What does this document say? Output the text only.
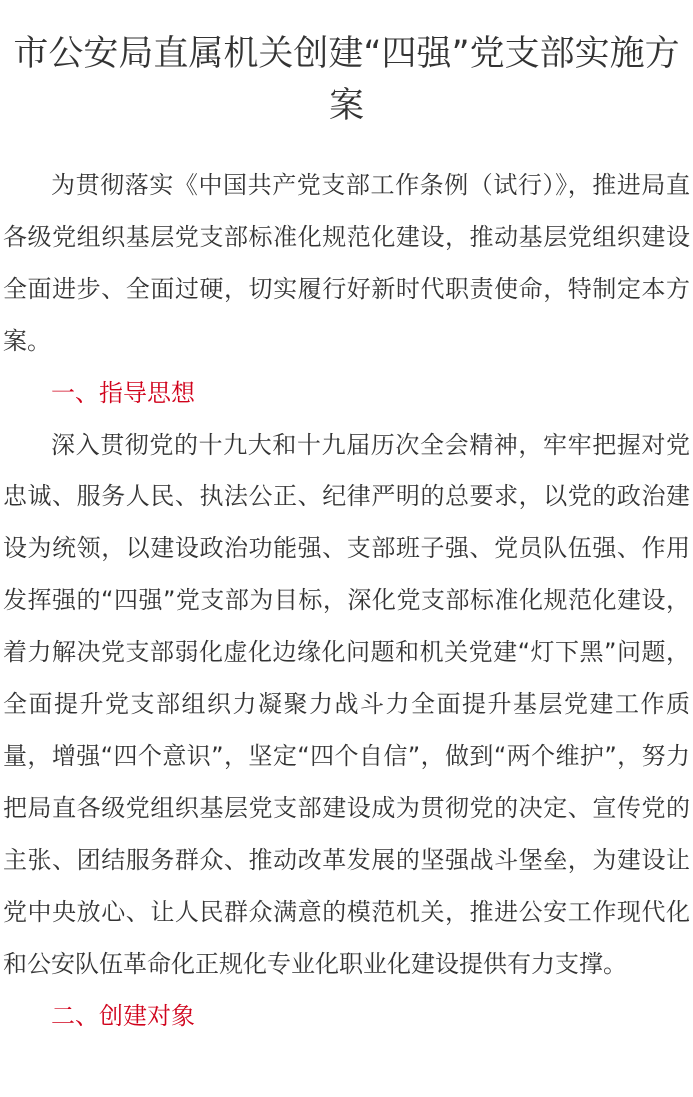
市公安局直属机关创建“四强”党支部实施方案

为贯彻落实《中国共产党支部工作条例（试行）》，推进局直各级党组织基层党支部标准化规范化建设，推动基层党组织建设全面进步、全面过硬，切实履行好新时代职责使命，特制定本方案。

一、指导思想

深入贯彻党的十九大和十九届历次全会精神，牢牢把握对党忠诚、服务人民、执法公正、纪律严明的总要求，以党的政治建设为统领，以建设政治功能强、支部班子强、党员队伍强、作用发挥强的“四强”党支部为目标，深化党支部标准化规范化建设，着力解决党支部弱化虚化边缘化问题和机关党建“灯下黑”问题，全面提升党支部组织力凝聚力战斗力全面提升基层党建工作质量，增强“四个意识”，坚定“四个自信”，做到“两个维护”，努力把局直各级党组织基层党支部建设成为贯彻党的决定、宣传党的主张、团结服务群众、推动改革发展的坚强战斗堡垒，为建设让党中央放心、让人民群众满意的模范机关，推进公安工作现代化和公安队伍革命化正规化专业化职业化建设提供有力支撑。

二、创建对象
